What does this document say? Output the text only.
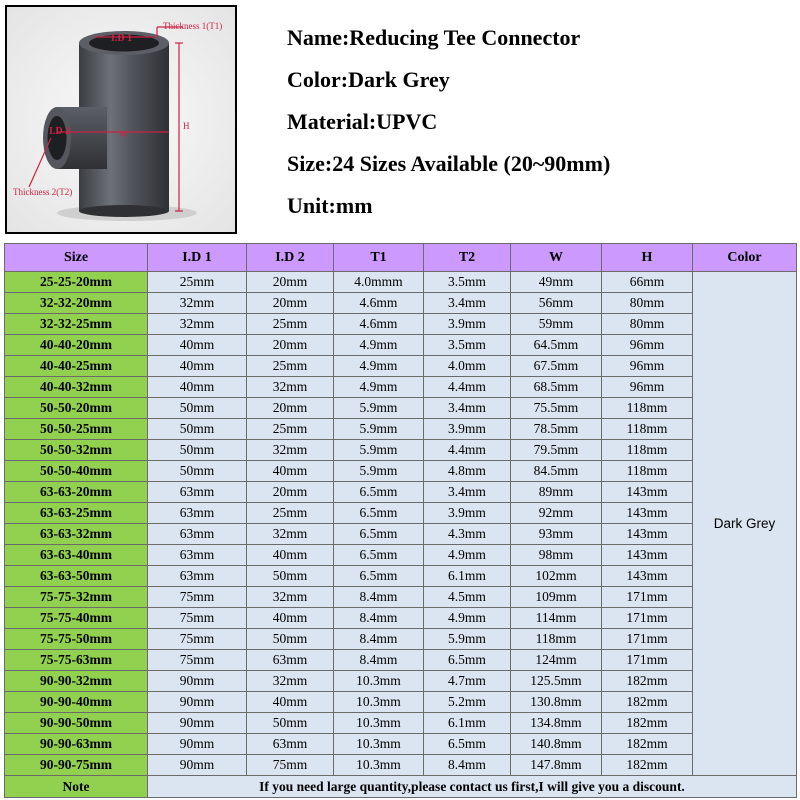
I.D 1
Thickness 1(T1)
H
I.D 2	W
Thickness 2(T2)
Name:Reducing Tee Connector
Color:Dark Grey
Material:UPVC
Size:24 Sizes Available (20~90mm)
Unit:mm
Size	I.D 1	I.D 2	T1	T2	W	H	Color
25-25-20mm	25mm	20mm	4.0mmm	3.5mm	49mm	66mm	Dark Grey
32-32-20mm	32mm	20mm	4.6mm	3.4mm	56mm	80mm	
32-32-25mm	32mm	25mm	4.6mm	3.9mm	59mm	80mm	
40-40-20mm	40mm	20mm	4.9mm	3.5mm	64.5mm	96mm	
40-40-25mm	40mm	25mm	4.9mm	4.0mm	67.5mm	96mm	
40-40-32mm	40mm	32mm	4.9mm	4.4mm	68.5mm	96mm	
50-50-20mm	50mm	20mm	5.9mm	3.4mm	75.5mm	118mm	
50-50-25mm	50mm	25mm	5.9mm	3.9mm	78.5mm	118mm	
50-50-32mm	50mm	32mm	5.9mm	4.4mm	79.5mm	118mm	
50-50-40mm	50mm	40mm	5.9mm	4.8mm	84.5mm	118mm	
63-63-20mm	63mm	20mm	6.5mm	3.4mm	89mm	143mm	
63-63-25mm	63mm	25mm	6.5mm	3.9mm	92mm	143mm	
63-63-32mm	63mm	32mm	6.5mm	4.3mm	93mm	143mm	
63-63-40mm	63mm	40mm	6.5mm	4.9mm	98mm	143mm	
63-63-50mm	63mm	50mm	6.5mm	6.1mm	102mm	143mm	
75-75-32mm	75mm	32mm	8.4mm	4.5mm	109mm	171mm	
75-75-40mm	75mm	40mm	8.4mm	4.9mm	114mm	171mm	
75-75-50mm	75mm	50mm	8.4mm	5.9mm	118mm	171mm	
75-75-63mm	75mm	63mm	8.4mm	6.5mm	124mm	171mm	
90-90-32mm	90mm	32mm	10.3mm	4.7mm	125.5mm	182mm	
90-90-40mm	90mm	40mm	10.3mm	5.2mm	130.8mm	182mm	
90-90-50mm	90mm	50mm	10.3mm	6.1mm	134.8mm	182mm	
90-90-63mm	90mm	63mm	10.3mm	6.5mm	140.8mm	182mm	
90-90-75mm	90mm	75mm	10.3mm	8.4mm	147.8mm	182mm	
Note	If you need large quantity,please contact us first,I will give you a discount.						
